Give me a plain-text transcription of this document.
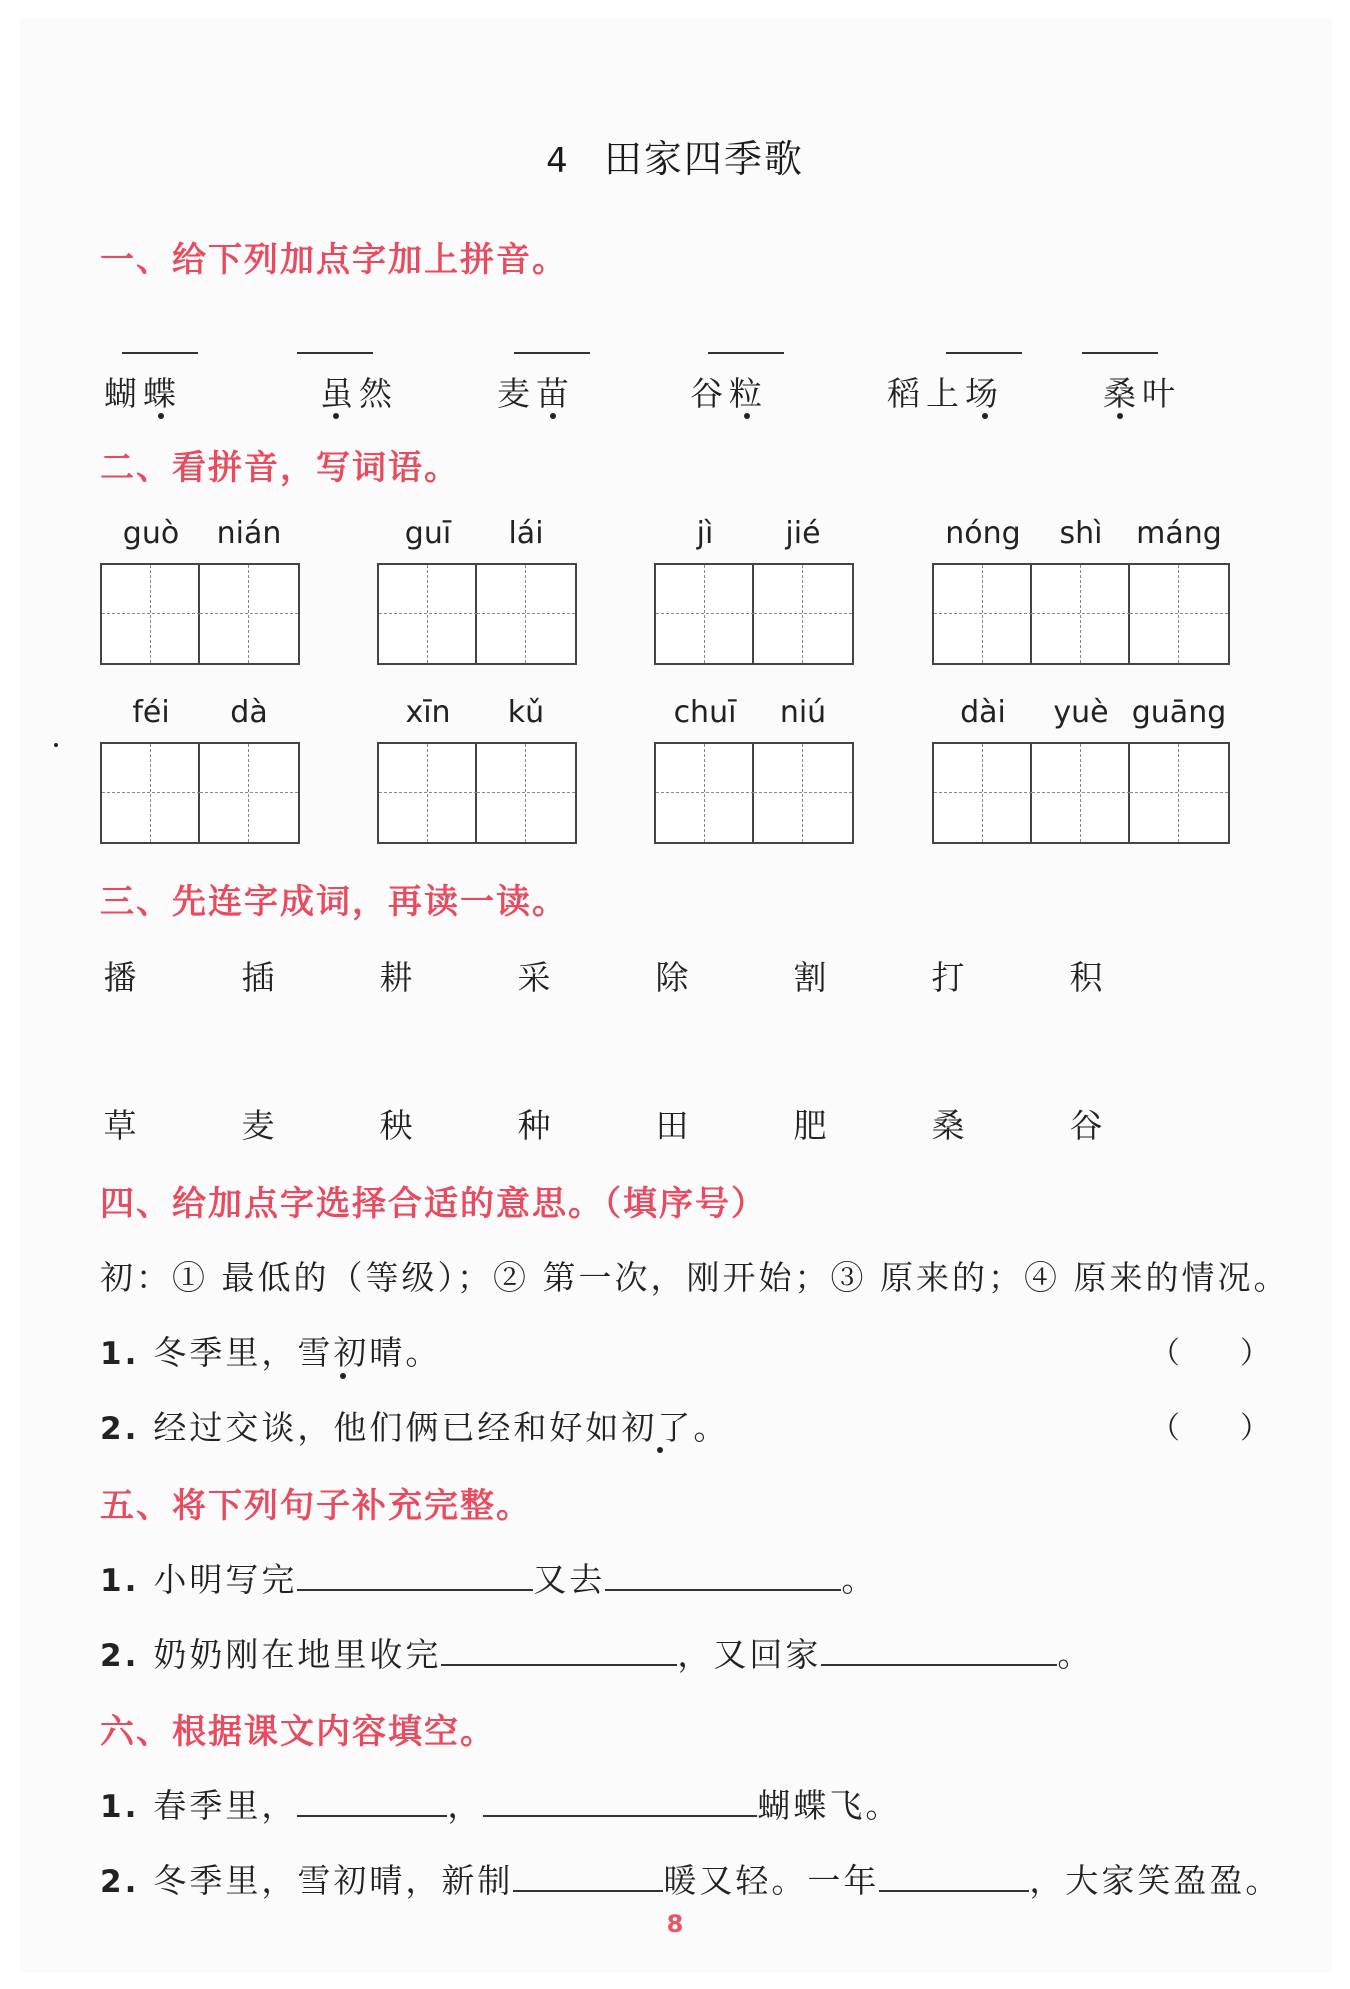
4 田家四季歌
一、给下列加点字加上拼音。
蝴蝶	虽然	麦苗	谷粒	稻上场	桑叶
二、看拼音，写词语。
guò	nián	guī	lái	jì	jié	nóng	shì	máng
féi	dà	xīn	kǔ	chuī	niú	dài	yuè guāng
三、先连字成词，再读一读。
播	插	耕	采	除	割	打	积
草	麦	秧	种	田	肥	桑	谷
四、给加点字选择合适的意思。（填序号）
初：① 最低的（等级）；② 第一次，刚开始；③ 原来的；④ 原来的情况。
1. 冬季里，雪初晴。	（　　）
2. 经过交谈，他们俩已经和好如初了。	（　　）
五、将下列句子补充完整。
1. 小明写完	又去	。
2. 奶奶刚在地里收完	，又回家	。
六、根据课文内容填空。
1. 春季里，	，	蝴蝶飞。
2. 冬季里，雪初晴，新制	暖又轻。一年	，大家笑盈盈。
8
